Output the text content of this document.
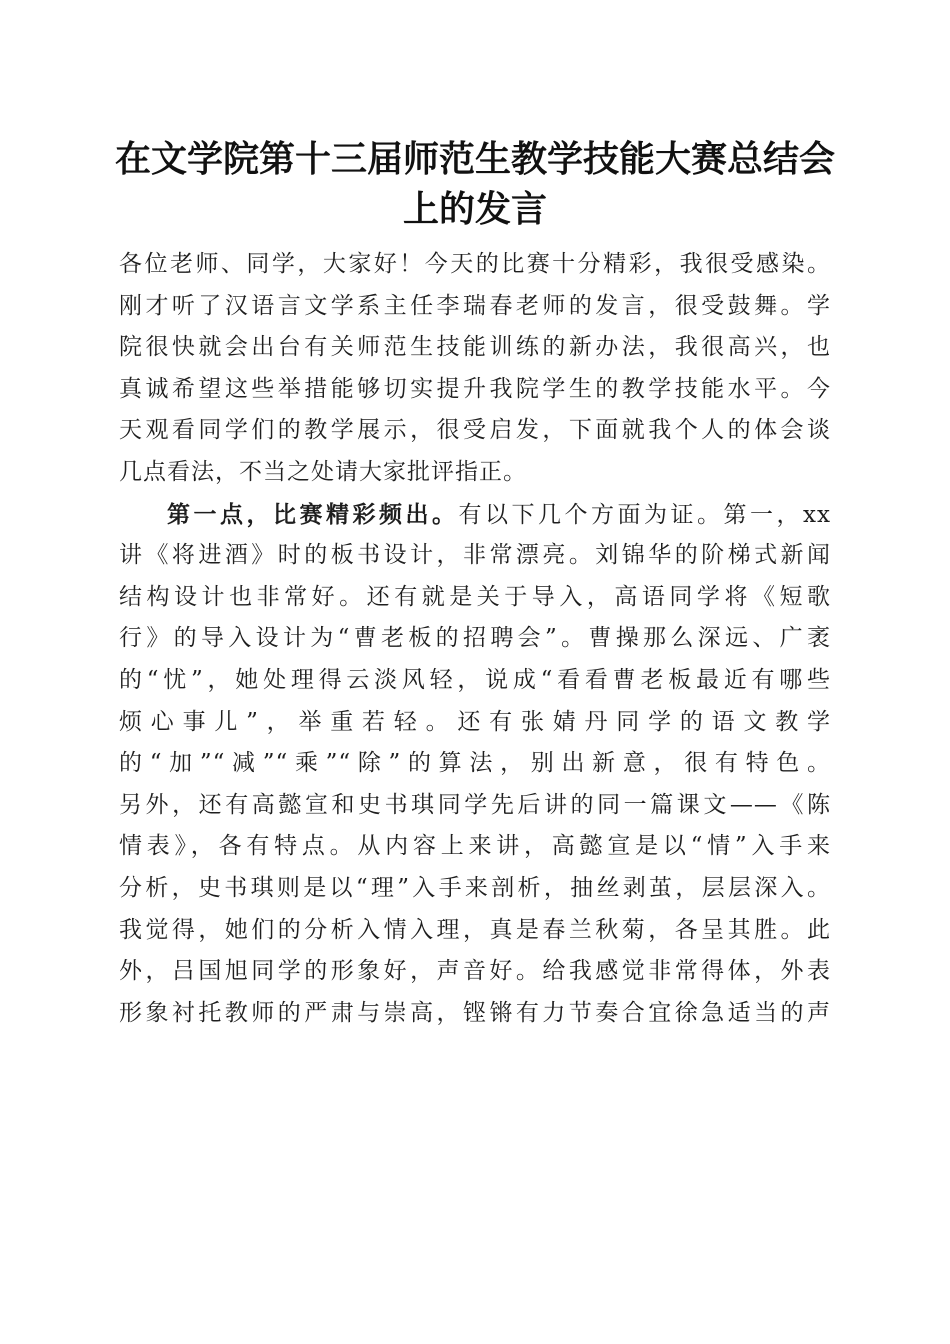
在文学院第十三届师范生教学技能大赛总结会
上的发言
各位老师、同学，大家好！今天的比赛十分精彩，我很受感染。
刚才听了汉语言文学系主任李瑞春老师的发言，很受鼓舞。学
院很快就会出台有关师范生技能训练的新办法，我很高兴，也
真诚希望这些举措能够切实提升我院学生的教学技能水平。今
天观看同学们的教学展示，很受启发，下面就我个人的体会谈
几点看法，不当之处请大家批评指正。
第一点，比赛精彩频出。有以下几个方面为证。第一，xx
讲《将进酒》时的板书设计，非常漂亮。刘锦华的阶梯式新闻
结构设计也非常好。还有就是关于导入，高语同学将《短歌
行》的导入设计为“曹老板的招聘会”。曹操那么深远、广袤
的“忧”，她处理得云淡风轻，说成“看看曹老板最近有哪些
烦心事儿”，举重若轻。还有张婧丹同学的语文教学
的“加”“减”“乘”“除”的算法，别出新意，很有特色。
另外，还有高懿宣和史书琪同学先后讲的同一篇课文——《陈
情表》，各有特点。从内容上来讲，高懿宣是以“情”入手来
分析，史书琪则是以“理”入手来剖析，抽丝剥茧，层层深入。
我觉得，她们的分析入情入理，真是春兰秋菊，各呈其胜。此
外，吕国旭同学的形象好，声音好。给我感觉非常得体，外表
形象衬托教师的严肃与崇高，铿锵有力节奏合宜徐急适当的声
